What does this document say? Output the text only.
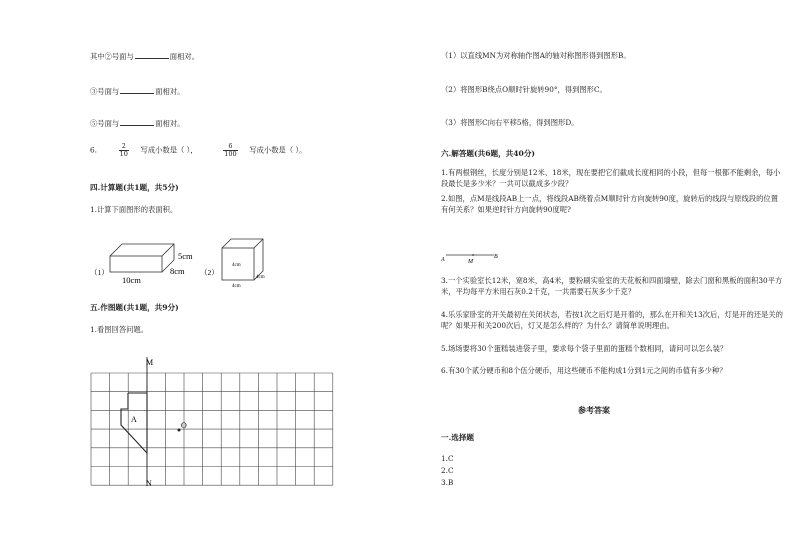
其中②号面与	面相对。
③号面与	面相对。
⑤号面与	面相对。
6.	$\frac{2}{10}$ 写成小数是（ ），	$\frac{6}{100}$ 写成小数是（ ）。
四.计算题(共1题，共5分)
1.计算下面图形的表面积。
（1）
5cm
8cm
10cm
（2）
4cm
4cm
4cm
五.作图题(共1题，共9分)
1.看图回答问题。
M
N
A
O
（1）以直线MN为对称轴作图A的轴对称图形得到图形B。
（2）将图形B绕点O顺时针旋转90°，得到图形C。
（3）将图形C向右平移5格，得到图形D。
六.解答题(共6题，共40分)
1.有两根钢丝，长度分别是12米、18米，现在要把它们截成长度相同的小段，但每一根都不能剩余，每小段最长是多少米？一共可以截成多少段？
2.如图，点M是线段AB上一点，将线段AB绕着点M顺时针方向旋转90度，旋转后的线段与原线段的位置有何关系？如果逆时针方向旋转90度呢?
A	M
B
3.一个实验室长12米，宽8米，高4米，要粉刷实验室的天花板和四面墙壁，除去门窗和黑板的面积30平方米，平均每平方米用石灰0.2千克，一共需要石灰多少千克？
4.乐乐家卧室的开关最初在关闭状态，若按1次之后灯是开着的，那么在开和关13次后，灯是开的还是关的呢？如果开和关200次后，灯又是怎么样的？为什么？请简单说明理由。
5.场场要将30个蛋糕装进袋子里，要求每个袋子里面的蛋糕个数相同，请问可以怎么装？
6.有30个贰分硬币和8个伍分硬币，用这些硬币不能构成1分到1元之间的币值有多少种？
参考答案
一.选择题
1.C
2.C
3.B
